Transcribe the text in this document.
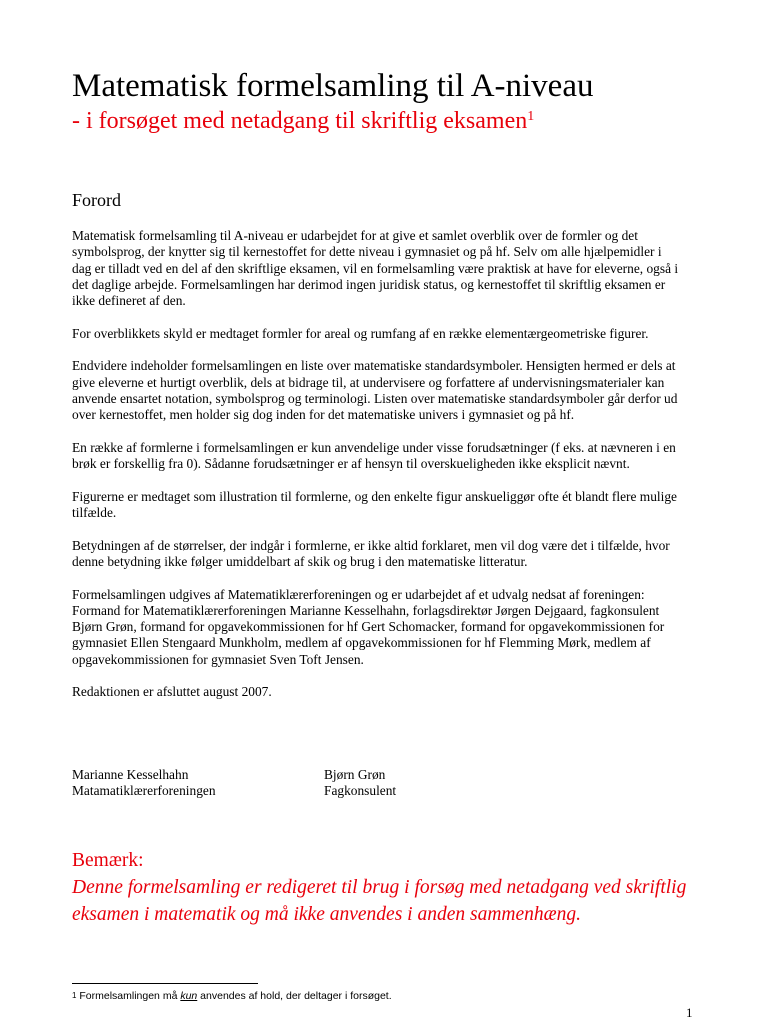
Matematisk formelsamling til A-niveau
- i forsøget med netadgang til skriftlig eksamen$^1$
Forord

Matematisk formelsamling til A-niveau er udarbejdet for at give et samlet overblik over de formler og det symbolsprog, der knytter sig til kernestoffet for dette niveau i gymnasiet og på hf. Selv om alle hjælpemidler i dag er tilladt ved en del af den skriftlige eksamen, vil en formelsamling være praktisk at have for eleverne, også i det daglige arbejde. Formelsamlingen har derimod ingen juridisk status, og kernestoffet til skriftlig eksamen er ikke defineret af den.

For overblikkets skyld er medtaget formler for areal og rumfang af en række elementærgeometriske figurer.

Endvidere indeholder formelsamlingen en liste over matematiske standardsymboler. Hensigten hermed er dels at give eleverne et hurtigt overblik, dels at bidrage til, at undervisere og forfattere af undervisningsmaterialer kan anvende ensartet notation, symbolsprog og terminologi. Listen over matematiske standardsymboler går derfor ud over kernestoffet, men holder sig dog inden for det matematiske univers i gymnasiet og på hf.

En række af formlerne i formelsamlingen er kun anvendelige under visse forudsætninger (f eks. at nævneren i en brøk er forskellig fra 0). Sådanne forudsætninger er af hensyn til overskueligheden ikke eksplicit nævnt.

Figurerne er medtaget som illustration til formlerne, og den enkelte figur anskueliggør ofte ét blandt flere mulige tilfælde.

Betydningen af de størrelser, der indgår i formlerne, er ikke altid forklaret, men vil dog være det i tilfælde, hvor denne betydning ikke følger umiddelbart af skik og brug i den matematiske litteratur.

Formelsamlingen udgives af Matematiklærerforeningen og er udarbejdet af et udvalg nedsat af foreningen: Formand for Matematiklærerforeningen Marianne Kesselhahn, forlagsdirektør Jørgen Dejgaard, fagkonsulent Bjørn Grøn, formand for opgavekommissionen for hf Gert Schomacker, formand for opgavekommissionen for gymnasiet Ellen Stengaard Munkholm, medlem af opgavekommissionen for hf Flemming Mørk, medlem af opgavekommissionen for gymnasiet Sven Toft Jensen.

Redaktionen er afsluttet august 2007.

Marianne Kesselhahn
Matamatiklærerforeningen
Bjørn Grøn
Fagkonsulent
Bemærk:
Denne formelsamling er redigeret til brug i forsøg med netadgang ved skriftlig eksamen i matematik og må ikke anvendes i anden sammenhæng.
$^1$ Formelsamlingen må kun anvendes af hold, der deltager i forsøget.
1
